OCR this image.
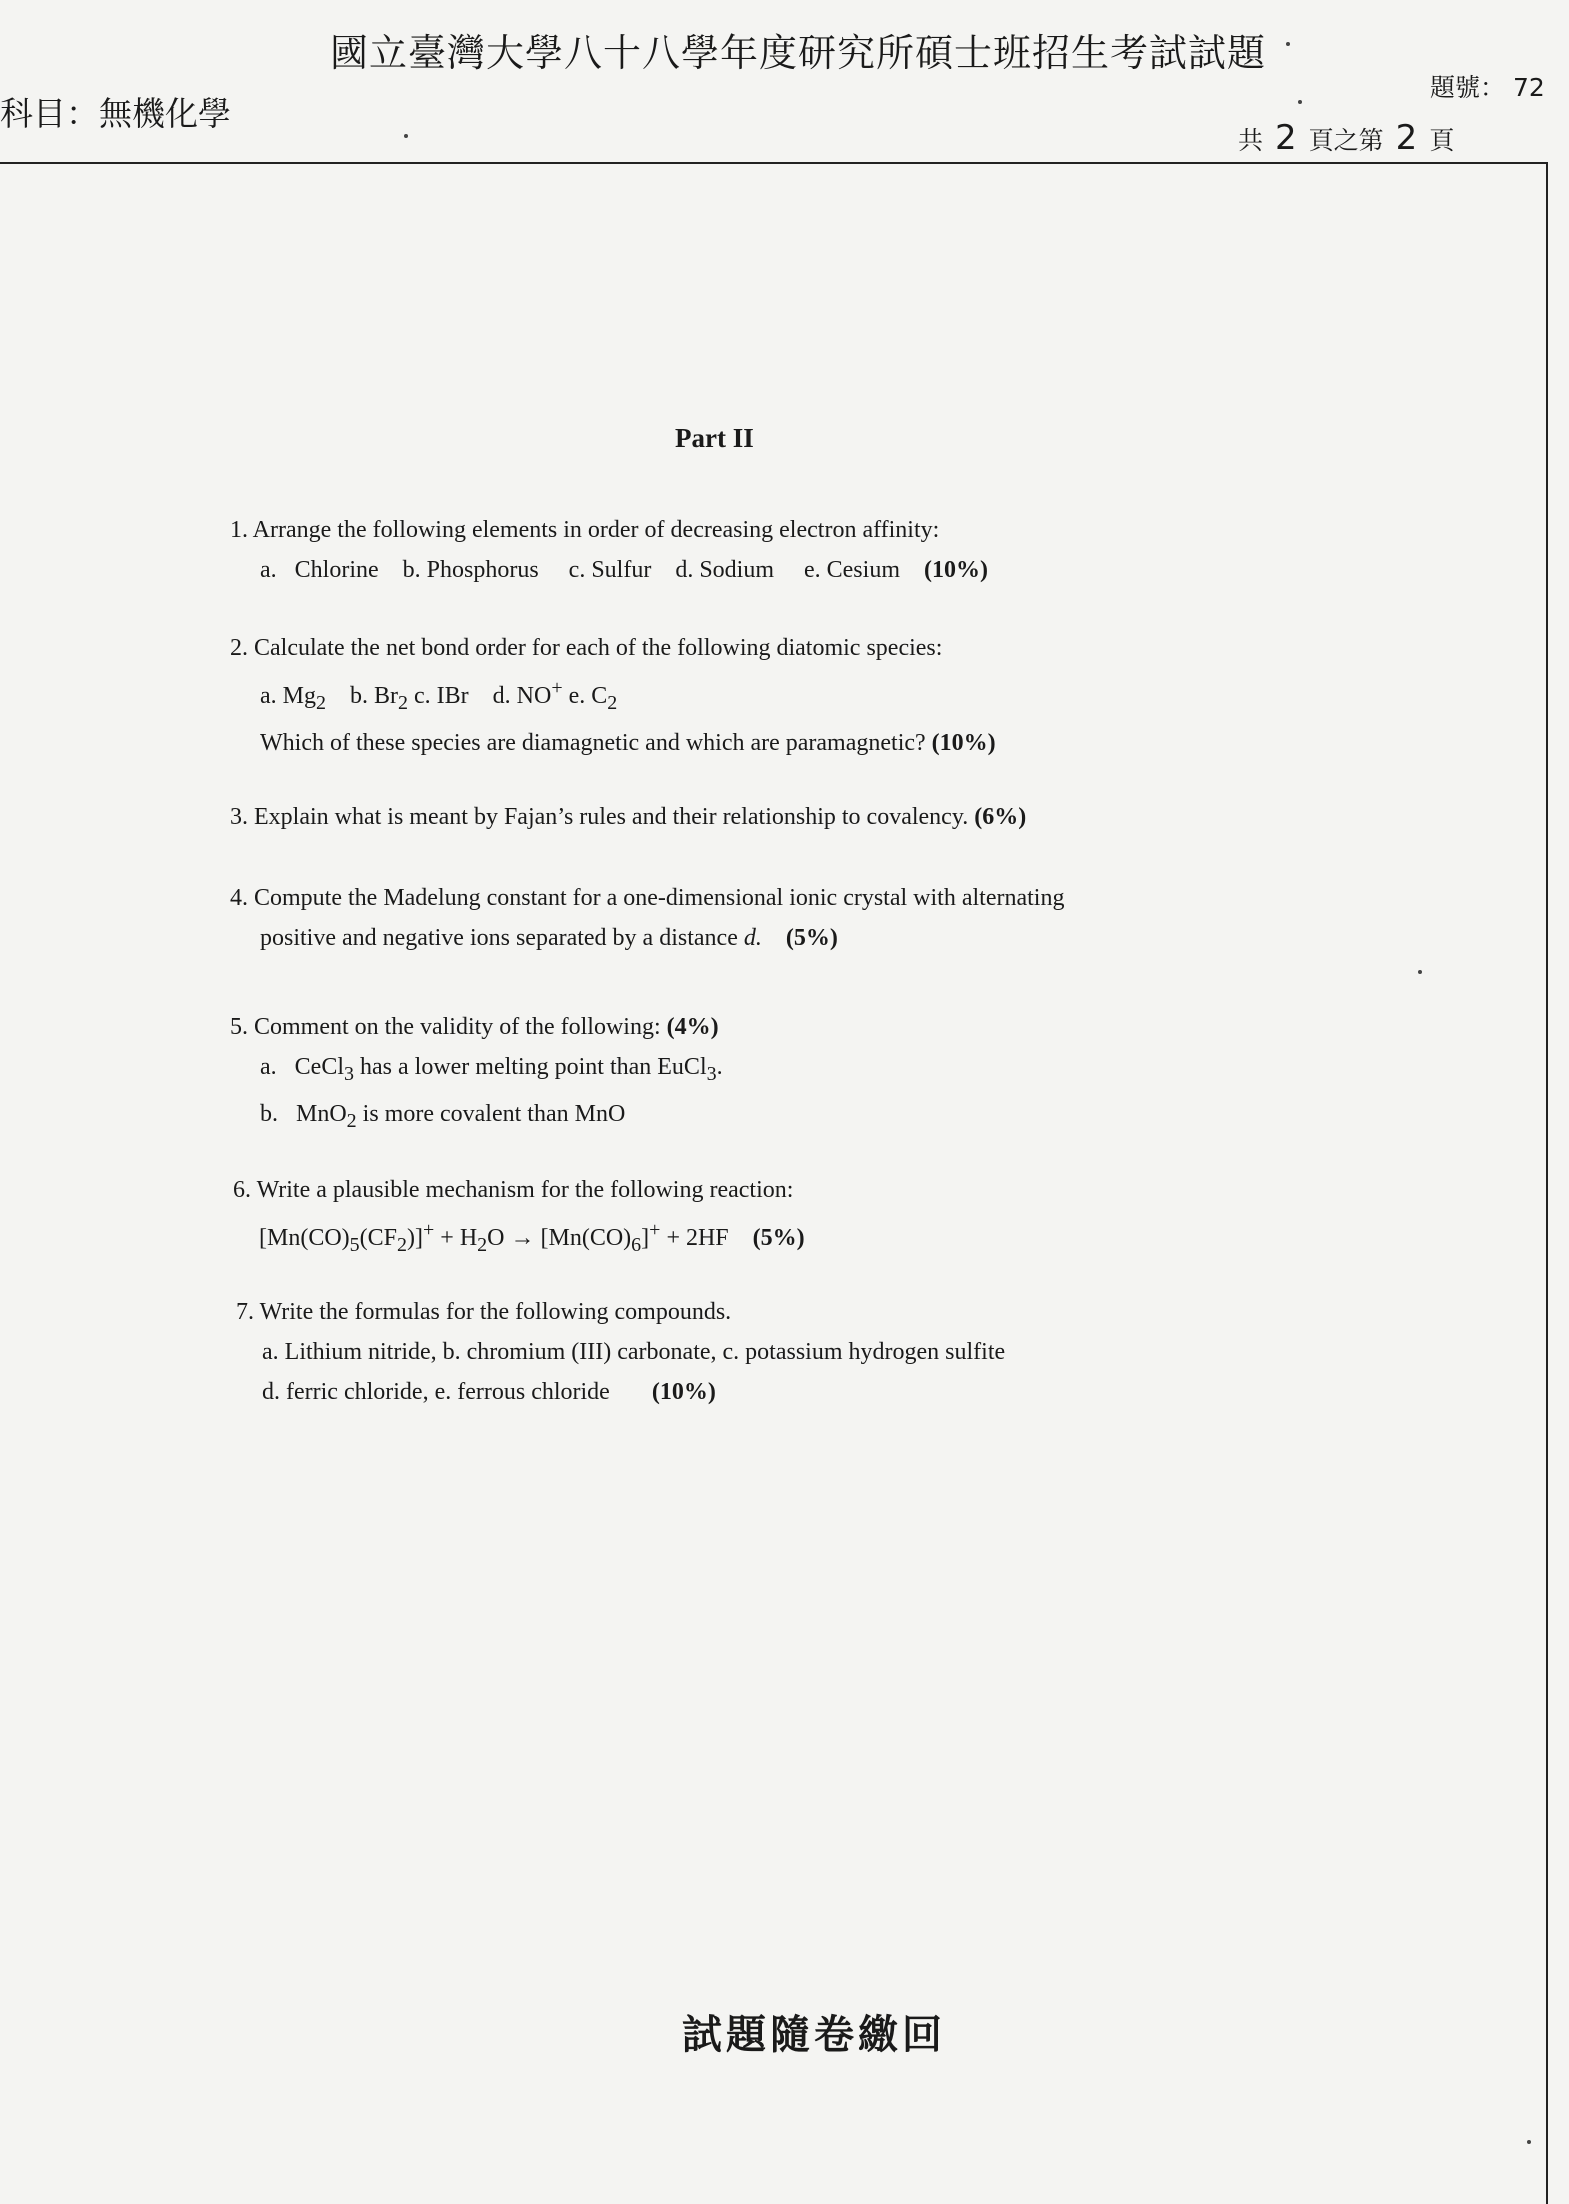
國立臺灣大學八十八學年度研究所碩士班招生考試試題
科目：無機化學
題號： 72
共 2 頁之第 2 頁
Part II
1. Arrange the following elements in order of decreasing electron affinity:
a.   Chlorine    b. Phosphorus     c. Sulfur    d. Sodium     e. Cesium (10%)
2. Calculate the net bond order for each of the following diatomic species:
a. $Mg_2$ b. $Br_2$ c. IBr d. NO+ e. $C_2$
Which of these species are diamagnetic and which are paramagnetic? (10%)
3. Explain what is meant by Fajan’s rules and their relationship to covalency. (6%)
4. Compute the Madelung constant for a one-dimensional ionic crystal with alternating
positive and negative ions separated by a distance d. (5%)
5. Comment on the validity of the following: (4%)
a. CeCl$_3$ has a lower melting point than EuCl$_3$.
b. MnO$_2$ is more covalent than MnO
6. Write a plausible mechanism for the following reaction:
$[Mn(CO)_5(CF_2)]^+ + H_2O \to [Mn(CO)_6]^+ + 2HF$ (5%)
7. Write the formulas for the following compounds.
a. Lithium nitride, b. chromium (III) carbonate, c. potassium hydrogen sulfite
d. ferric chloride, e. ferrous chloride (10%)
試題隨卷繳回
